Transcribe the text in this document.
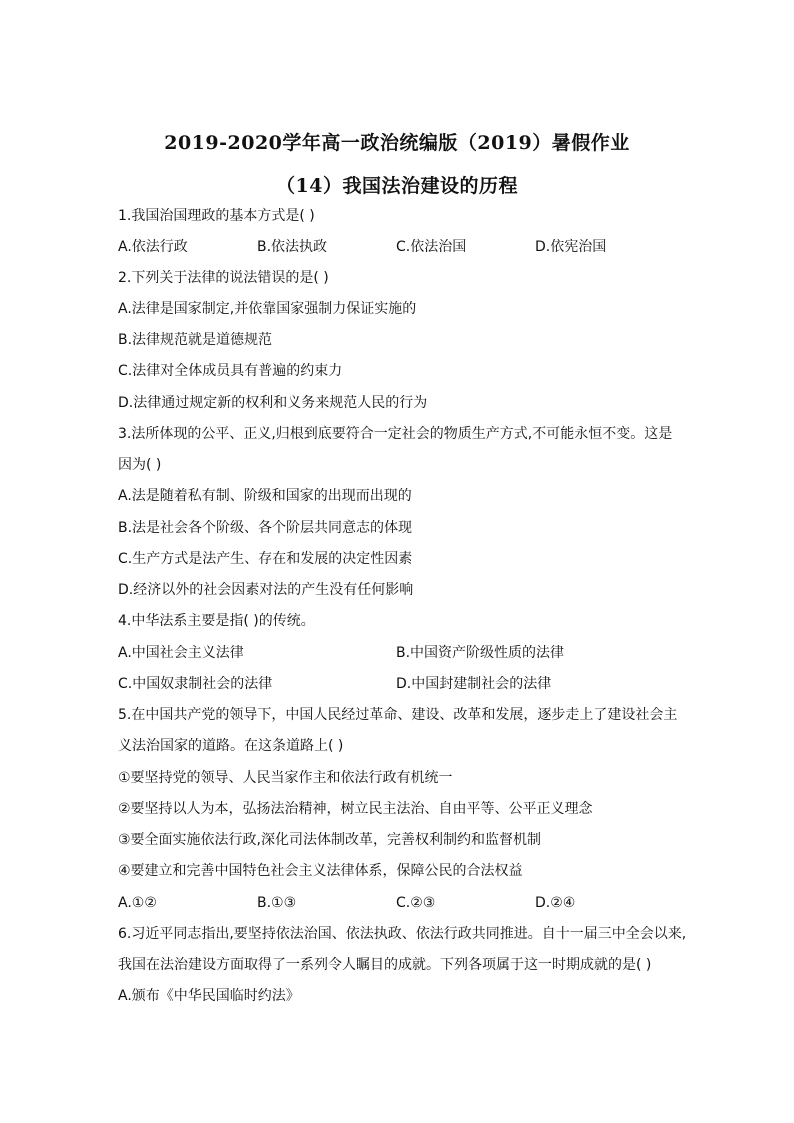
2019-2020学年高一政治统编版（2019）暑假作业
（14）我国法治建设的历程
1.我国治国理政的基本方式是( )
A.依法行政	B.依法执政	C.依法治国	D.依宪治国
2.下列关于法律的说法错误的是( )
A.法律是国家制定,并依靠国家强制力保证实施的
B.法律规范就是道德规范
C.法律对全体成员具有普遍的约束力
D.法律通过规定新的权利和义务来规范人民的行为
3.法所体现的公平、正义,归根到底要符合一定社会的物质生产方式,不可能永恒不变。这是
因为( )
A.法是随着私有制、阶级和国家的出现而出现的
B.法是社会各个阶级、各个阶层共同意志的体现
C.生产方式是法产生、存在和发展的决定性因素
D.经济以外的社会因素对法的产生没有任何影响
4.中华法系主要是指( )的传统。
A.中国社会主义法律	B.中国资产阶级性质的法律
C.中国奴隶制社会的法律	D.中国封建制社会的法律
5.在中国共产党的领导下，中国人民经过革命、建设、改革和发展，逐步走上了建设社会主
义法治国家的道路。在这条道路上( )
①要坚持党的领导、人民当家作主和依法行政有机统一
②要坚持以人为本，弘扬法治精神，树立民主法治、自由平等、公平正义理念
③要全面实施依法行政,深化司法体制改革，完善权利制约和监督机制
④要建立和完善中国特色社会主义法律体系，保障公民的合法权益
A.①②	B.①③	C.②③	D.②④
6.习近平同志指出,要坚持依法治国、依法执政、依法行政共同推进。自十一届三中全会以来,
我国在法治建设方面取得了一系列令人瞩目的成就。下列各项属于这一时期成就的是( )
A.颁布《中华民国临时约法》
